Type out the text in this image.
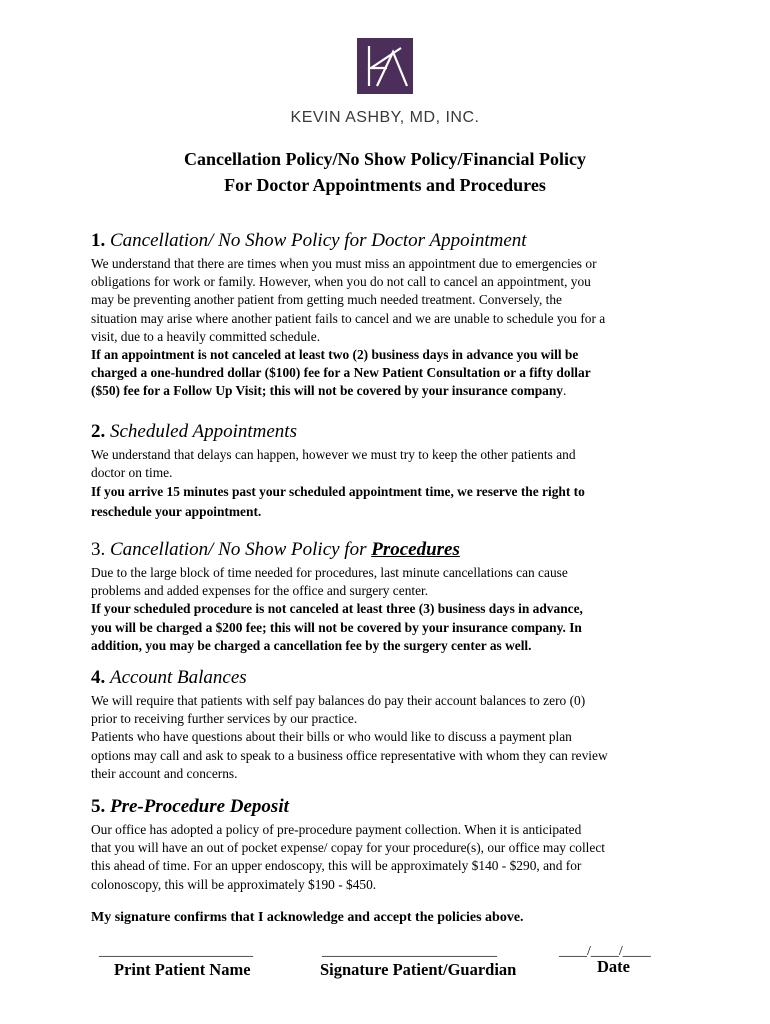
KEVIN ASHBY, MD, INC.
Cancellation Policy/No Show Policy/Financial Policy
For Doctor Appointments and Procedures
1. Cancellation/ No Show Policy for Doctor Appointment

We understand that there are times when you must miss an appointment due to emergencies or

obligations for work or family. However, when you do not call to cancel an appointment, you

may be preventing another patient from getting much needed treatment. Conversely, the

situation may arise where another patient fails to cancel and we are unable to schedule you for a

visit, due to a heavily committed schedule.

If an appointment is not canceled at least two (2) business days in advance you will be

charged a one-hundred dollar ($100) fee for a New Patient Consultation or a fifty dollar

($50) fee for a Follow Up Visit; this will not be covered by your insurance company.

2. Scheduled Appointments

We understand that delays can happen, however we must try to keep the other patients and

doctor on time.

If you arrive 15 minutes past your scheduled appointment time, we reserve the right to

reschedule your appointment.

3. Cancellation/ No Show Policy for Procedures

Due to the large block of time needed for procedures, last minute cancellations can cause

problems and added expenses for the office and surgery center.

If your scheduled procedure is not canceled at least three (3) business days in advance,

you will be charged a $200 fee; this will not be covered by your insurance company. In

addition, you may be charged a cancellation fee by the surgery center as well.

4. Account Balances

We will require that patients with self pay balances do pay their account balances to zero (0)

prior to receiving further services by our practice.

Patients who have questions about their bills or who would like to discuss a payment plan

options may call and ask to speak to a business office representative with whom they can review

their account and concerns.

5. Pre-Procedure Deposit

Our office has adopted a policy of pre-procedure payment collection. When it is anticipated

that you will have an out of pocket expense/ copay for your procedure(s), our office may collect

this ahead of time. For an upper endoscopy, this will be approximately $140 - $290, and for

colonoscopy, this will be approximately $190 - $450.

My signature confirms that I acknowledge and accept the policies above.
______________________	_________________________	____/____/____
Print Patient Name	Signature Patient/Guardian	Date
